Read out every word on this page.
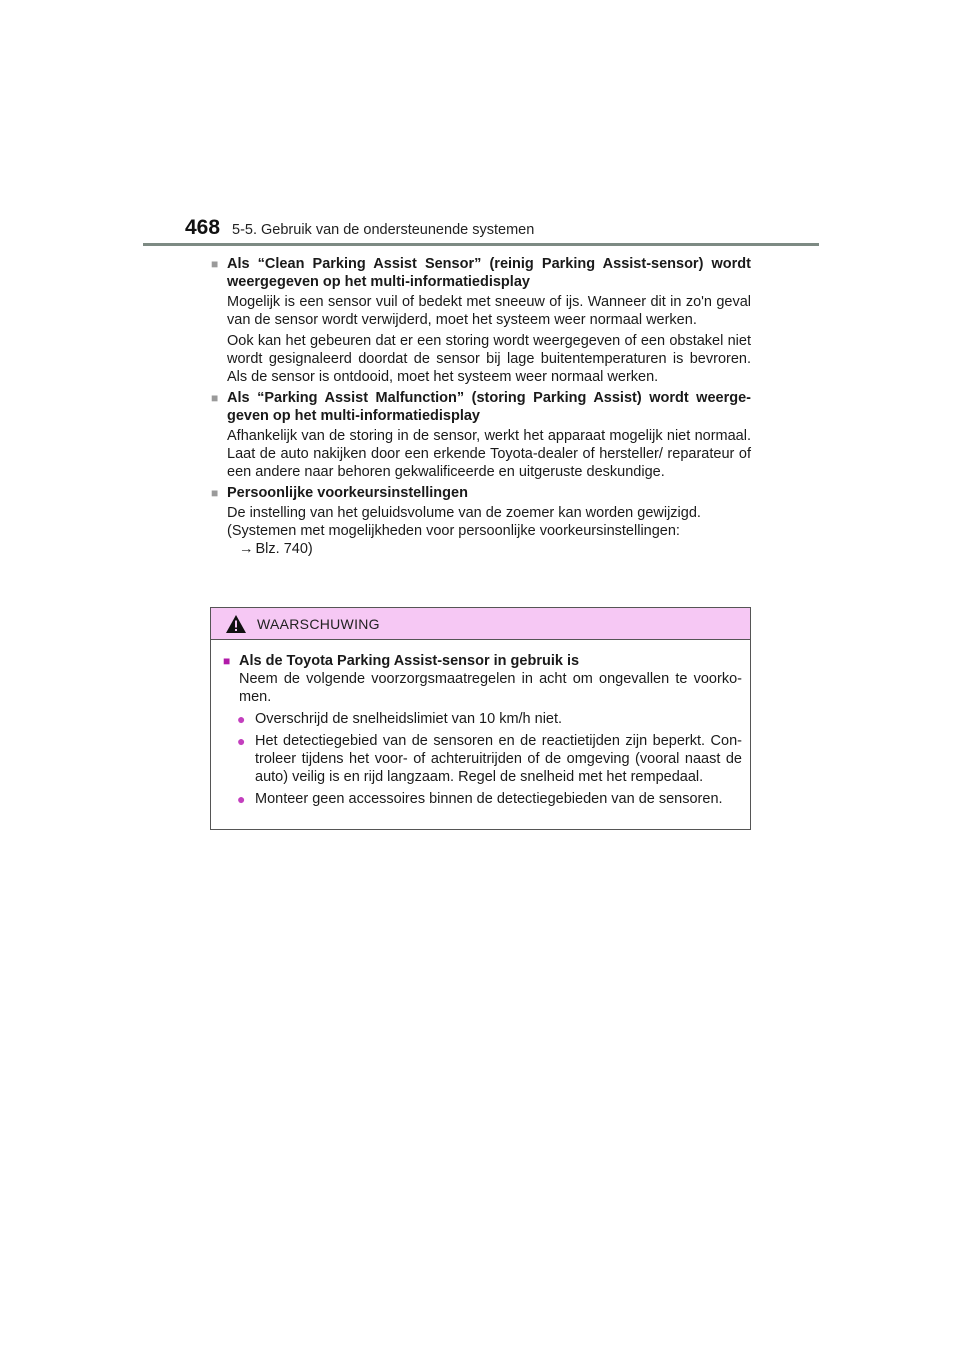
468 5-5. Gebruik van de ondersteunende systemen
■ Als “Clean Parking Assist Sensor” (reinig Parking Assist-sensor) wordt weergegeven op het multi-informatiedisplay
Mogelijk is een sensor vuil of bedekt met sneeuw of ijs. Wanneer dit in zo'n geval van de sensor wordt verwijderd, moet het systeem weer normaal werken.
Ook kan het gebeuren dat er een storing wordt weergegeven of een obstakel niet wordt gesignaleerd doordat de sensor bij lage buitentemperaturen is bevroren. Als de sensor is ontdooid, moet het systeem weer normaal werken.
■ Als “Parking Assist Malfunction” (storing Parking Assist) wordt weergegeven op het multi-informatiedisplay
Afhankelijk van de storing in de sensor, werkt het apparaat mogelijk niet normaal. Laat de auto nakijken door een erkende Toyota-dealer of hersteller/ reparateur of een andere naar behoren gekwalificeerde en uitgeruste deskundige.
■ Persoonlijke voorkeursinstellingen
De instelling van het geluidsvolume van de zoemer kan worden gewijzigd.
(Systemen met mogelijkheden voor persoonlijke voorkeursinstellingen:
→ Blz. 740)
WAARSCHUWING
■ Als de Toyota Parking Assist-sensor in gebruik is
Neem de volgende voorzorgsmaatregelen in acht om ongevallen te voorkomen.
● Overschrijd de snelheidslimiet van 10 km/h niet.
● Het detectiegebied van de sensoren en de reactietijden zijn beperkt. Controleer tijdens het voor- of achteruitrijden of de omgeving (vooral naast de auto) veilig is en rijd langzaam. Regel de snelheid met het rempedaal.
● Monteer geen accessoires binnen de detectiegebieden van de sensoren.
